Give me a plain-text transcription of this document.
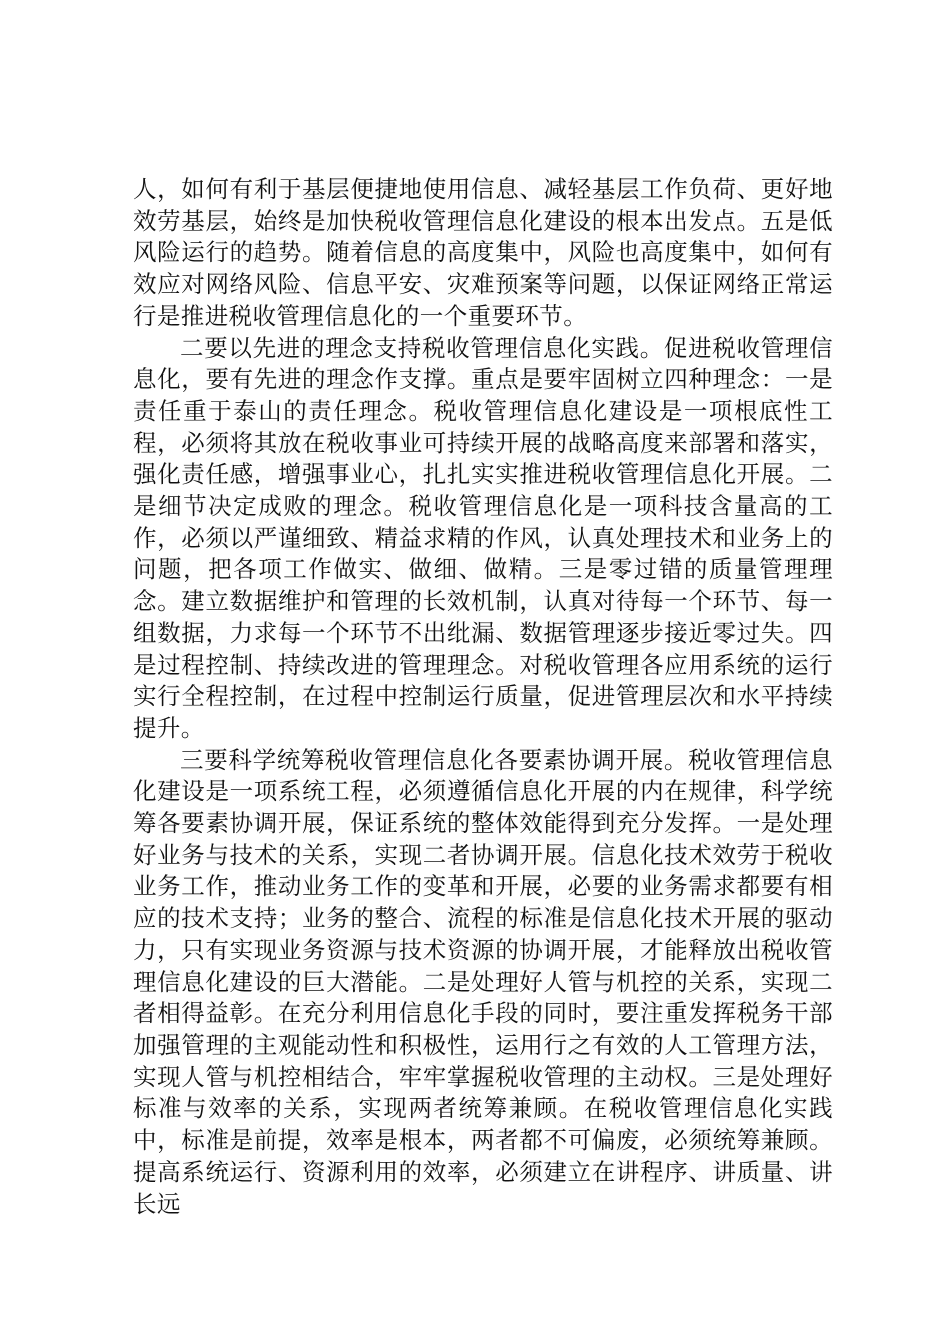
人，如何有利于基层便捷地使用信息、减轻基层工作负荷、更好地效劳基层，始终是加快税收管理信息化建设的根本出发点。五是低风险运行的趋势。随着信息的高度集中，风险也高度集中，如何有效应对网络风险、信息平安、灾难预案等问题，以保证网络正常运行是推进税收管理信息化的一个重要环节。

二要以先进的理念支持税收管理信息化实践。促进税收管理信息化，要有先进的理念作支撑。重点是要牢固树立四种理念：一是责任重于泰山的责任理念。税收管理信息化建设是一项根底性工程，必须将其放在税收事业可持续开展的战略高度来部署和落实，强化责任感，增强事业心，扎扎实实推进税收管理信息化开展。二是细节决定成败的理念。税收管理信息化是一项科技含量高的工作，必须以严谨细致、精益求精的作风，认真处理技术和业务上的问题，把各项工作做实、做细、做精。三是零过错的质量管理理念。建立数据维护和管理的长效机制，认真对待每一个环节、每一组数据，力求每一个环节不出纰漏、数据管理逐步接近零过失。四是过程控制、持续改进的管理理念。对税收管理各应用系统的运行实行全程控制，在过程中控制运行质量，促进管理层次和水平持续提升。

三要科学统筹税收管理信息化各要素协调开展。税收管理信息化建设是一项系统工程，必须遵循信息化开展的内在规律，科学统筹各要素协调开展，保证系统的整体效能得到充分发挥。一是处理好业务与技术的关系，实现二者协调开展。信息化技术效劳于税收业务工作，推动业务工作的变革和开展，必要的业务需求都要有相应的技术支持；业务的整合、流程的标准是信息化技术开展的驱动力，只有实现业务资源与技术资源的协调开展，才能释放出税收管理信息化建设的巨大潜能。二是处理好人管与机控的关系，实现二者相得益彰。在充分利用信息化手段的同时，要注重发挥税务干部加强管理的主观能动性和积极性，运用行之有效的人工管理方法，实现人管与机控相结合，牢牢掌握税收管理的主动权。三是处理好标准与效率的关系，实现两者统筹兼顾。在税收管理信息化实践中，标准是前提，效率是根本，两者都不可偏废，必须统筹兼顾。提高系统运行、资源利用的效率，必须建立在讲程序、讲质量、讲长远
